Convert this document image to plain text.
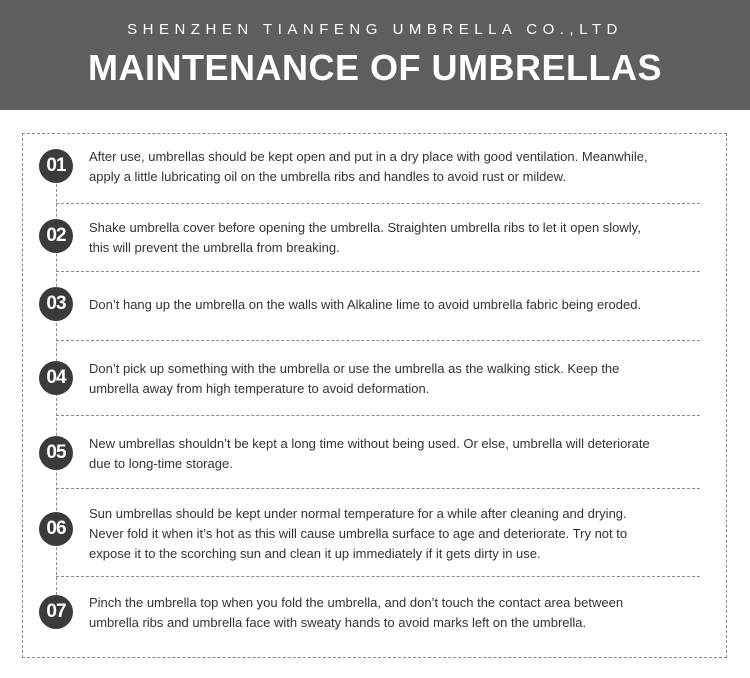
SHENZHEN TIANFENG UMBRELLA CO.,LTD
MAINTENANCE OF UMBRELLAS
01	After use, umbrellas should be kept open and put in a dry place with good ventilation. Meanwhile,
apply a little lubricating oil on the umbrella ribs and handles to avoid rust or mildew.
02	Shake umbrella cover before opening the umbrella. Straighten umbrella ribs to let it open slowly,
this will prevent the umbrella from breaking.
03	Don’t hang up the umbrella on the walls with Alkaline lime to avoid umbrella fabric being eroded.
04	Don’t pick up something with the umbrella or use the umbrella as the walking stick. Keep the
umbrella away from high temperature to avoid deformation.
05	New umbrellas shouldn’t be kept a long time without being used. Or else, umbrella will deteriorate
due to long-time storage.
06
Sun umbrellas should be kept under normal temperature for a while after cleaning and drying.
Never fold it when it’s hot as this will cause umbrella surface to age and deteriorate. Try not to
expose it to the scorching sun and clean it up immediately if it gets dirty in use.
07	Pinch the umbrella top when you fold the umbrella, and don’t touch the contact area between
umbrella ribs and umbrella face with sweaty hands to avoid marks left on the umbrella.
